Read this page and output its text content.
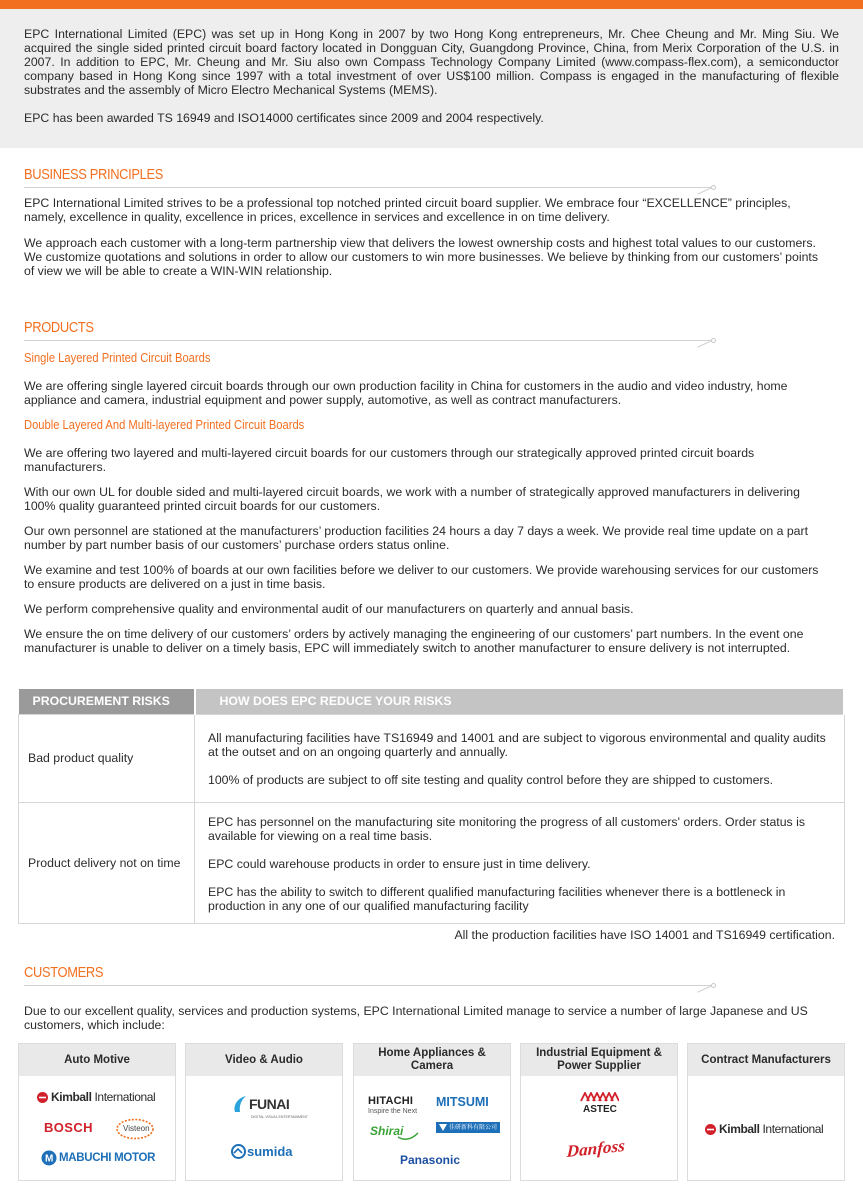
EPC International Limited (EPC) was set up in Hong Kong in 2007 by two Hong Kong entrepreneurs, Mr. Chee Cheung and Mr. Ming Siu. We acquired the single sided printed circuit board factory located in Dongguan City, Guangdong Province, China, from Merix Corporation of the U.S. in 2007. In addition to EPC, Mr. Cheung and Mr. Siu also own Compass Technology Company Limited (www.compass-flex.com), a semiconductor company based in Hong Kong since 1997 with a total investment of over US$100 million. Compass is engaged in the manufacturing of flexible substrates and the assembly of Micro Electro Mechanical Systems (MEMS).

EPC has been awarded TS 16949 and ISO14000 certificates since 2009 and 2004 respectively.

BUSINESS PRINCIPLES

EPC International Limited strives to be a professional top notched printed circuit board supplier. We embrace four “EXCELLENCE” principles, namely, excellence in quality, excellence in prices, excellence in services and excellence in on time delivery.

We approach each customer with a long-term partnership view that delivers the lowest ownership costs and highest total values to our customers. We customize quotations and solutions in order to allow our customers to win more businesses. We believe by thinking from our customers’ points of view we will be able to create a WIN-WIN relationship.

PRODUCTS
Single Layered Printed Circuit Boards

We are offering single layered circuit boards through our own production facility in China for customers in the audio and video industry, home appliance and camera, industrial equipment and power supply, automotive, as well as contract manufacturers.

Double Layered And Multi-layered Printed Circuit Boards

We are offering two layered and multi-layered circuit boards for our customers through our strategically approved printed circuit boards manufacturers.

With our own UL for double sided and multi-layered circuit boards, we work with a number of strategically approved manufacturers in delivering 100% quality guaranteed printed circuit boards for our customers.

Our own personnel are stationed at the manufacturers’ production facilities 24 hours a day 7 days a week. We provide real time update on a part number by part number basis of our customers’ purchase orders status online.

We examine and test 100% of boards at our own facilities before we deliver to our customers. We provide warehousing services for our customers to ensure products are delivered on a just in time basis.

We perform comprehensive quality and environmental audit of our manufacturers on quarterly and annual basis.

We ensure the on time delivery of our customers’ orders by actively managing the engineering of our customers’ part numbers. In the event one manufacturer is unable to deliver on a timely basis, EPC will immediately switch to another manufacturer to ensure delivery is not interrupted.

PROCUREMENT RISKS	HOW DOES EPC REDUCE YOUR RISKS
Bad product quality	All manufacturing facilities have TS16949 and 14001 and are subject to vigorous environmental and quality audits at the outset and on an ongoing quarterly and annually.

100% of products are subject to off site testing and quality control before they are shipped to customers.

Product delivery not on time	EPC has personnel on the manufacturing site monitoring the progress of all customers' orders. Order status is available for viewing on a real time basis.

EPC could warehouse products in order to ensure just in time delivery.

EPC has the ability to switch to different qualified manufacturing facilities whenever there is a bottleneck in production in any one of our qualified manufacturing facility

All the production facilities have ISO 14001 and TS16949 certification.

CUSTOMERS

Due to our excellent quality, services and production systems, EPC International Limited manage to service a number of large Japanese and US customers, which include:

Auto Motive
Kimball International
BOSCH	Visteon
M MABUCHI MOTOR
Video & Audio
FUNAI
DIGITAL VISUAL ENTERTAINMENT
sumida
Home Appliances & Camera
HITACHI
Inspire the Next
MITSUMI
Shirai	佳研新科有限公司
Panasonic
Industrial Equipment & Power Supplier
ASTEC
Danfoss
Contract Manufacturers
Kimball International
